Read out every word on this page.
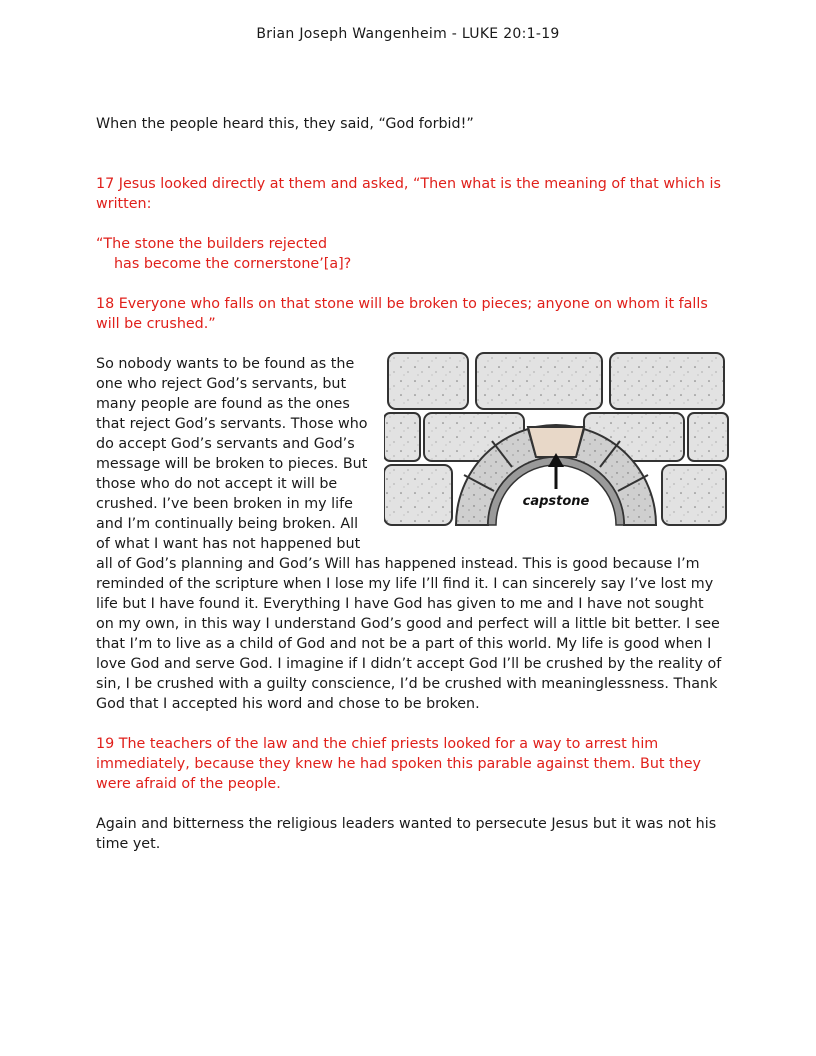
Brian Joseph Wangenheim - LUKE 20:1-19

When the people heard this, they said, “God forbid!”

17 Jesus looked directly at them and asked, “Then what is the meaning of that which is written:

“The stone the builders rejected

has become the cornerstone’[a]?

18 Everyone who falls on that stone will be broken to pieces; anyone on whom it falls will be crushed.”

capstone

So nobody wants to be found as the one who reject God’s servants, but many people are found as the ones that reject God’s servants. Those who do accept God’s servants and God’s message will be broken to pieces. But those who do not accept it will be crushed. I’ve been broken in my life and I’m continually being broken. All of what I want has not happened but all of God’s planning and God’s Will has happened instead. This is good because I’m reminded of the scripture when I lose my life I’ll find it. I can sincerely say I’ve lost my life but I have found it. Everything I have God has given to me and I have not sought on my own, in this way I understand God’s good and perfect will a little bit better. I see that I’m to live as a child of God and not be a part of this world. My life is good when I love God and serve God. I imagine if I didn’t accept God I’ll be crushed by the reality of sin, I be crushed with a guilty conscience, I’d be crushed with meaninglessness. Thank God that I accepted his word and chose to be broken.

19 The teachers of the law and the chief priests looked for a way to arrest him immediately, because they knew he had spoken this parable against them. But they were afraid of the people.

Again and bitterness the religious leaders wanted to persecute Jesus but it was not his time yet.
